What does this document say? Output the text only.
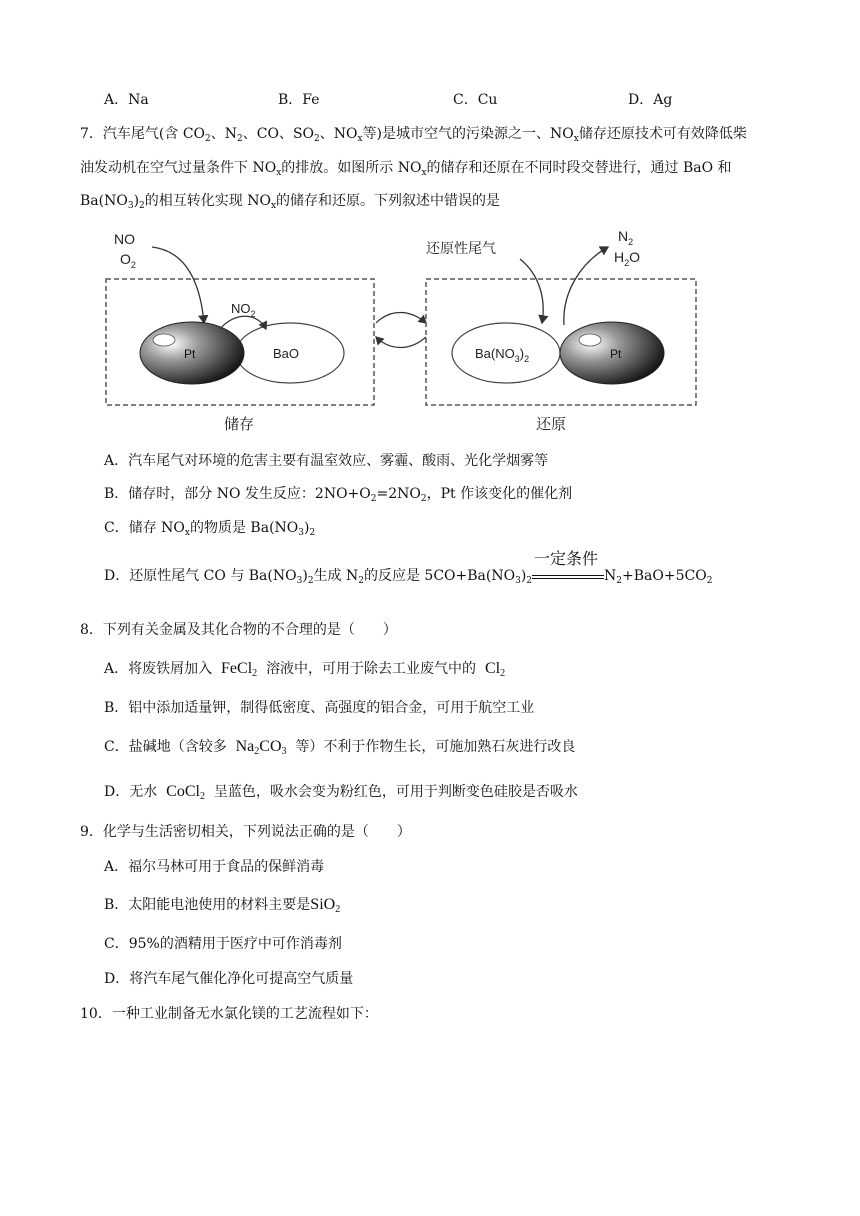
A．Na	B．Fe	C．Cu	D．Ag
7．汽车尾气(含 $CO_2$、$N_2$、CO、$SO_2$、$NO_x$等)是城市空气的污染源之一、$NO_x$储存还原技术可有效降低柴
油发动机在空气过量条件下 $NO_x$的排放。如图所示 $NO_x$的储存和还原在不同时段交替进行，通过 BaO 和
$Ba(NO_3)_2$的相互转化实现 $NO_x$的储存和还原。下列叙述中错误的是
NO
$O_2$
BaO
Pt
$NO_2$
储存
还原性尾气
$N_2$
$H_2O$
$Ba(NO_3)_2$	Pt
还原
A．汽车尾气对环境的危害主要有温室效应、雾霾、酸雨、光化学烟雾等
B．储存时，部分 NO 发生反应：$2NO+O_2=2NO_2$，Pt 作该变化的催化剂
C．储存 $NO_x$的物质是 $Ba(NO_3)_2$
D．还原性尾气 CO 与 $Ba(NO_3)_2$生成 $N_2$的反应是 $5CO+Ba(NO_3)_2$
一定条件
$N_2+BaO+5CO_2$
8．下列有关金属及其化合物的不合理的是（　　）
A．将废铁屑加入 FeCl$_2$ 溶液中，可用于除去工业废气中的 $Cl_2$
B．铝中添加适量钾，制得低密度、高强度的铝合金，可用于航空工业
C．盐碱地（含较多 $Na_2CO_3$ 等）不利于作物生长，可施加熟石灰进行改良
D．无水 CoCl$_2$ 呈蓝色，吸水会变为粉红色，可用于判断变色硅胶是否吸水
9．化学与生活密切相关，下列说法正确的是（　　）
A．福尔马林可用于食品的保鲜消毒
B．太阳能电池使用的材料主要是SiO$_2$
C．95%的酒精用于医疗中可作消毒剂
D．将汽车尾气催化净化可提高空气质量
10．一种工业制备无水氯化镁的工艺流程如下：
